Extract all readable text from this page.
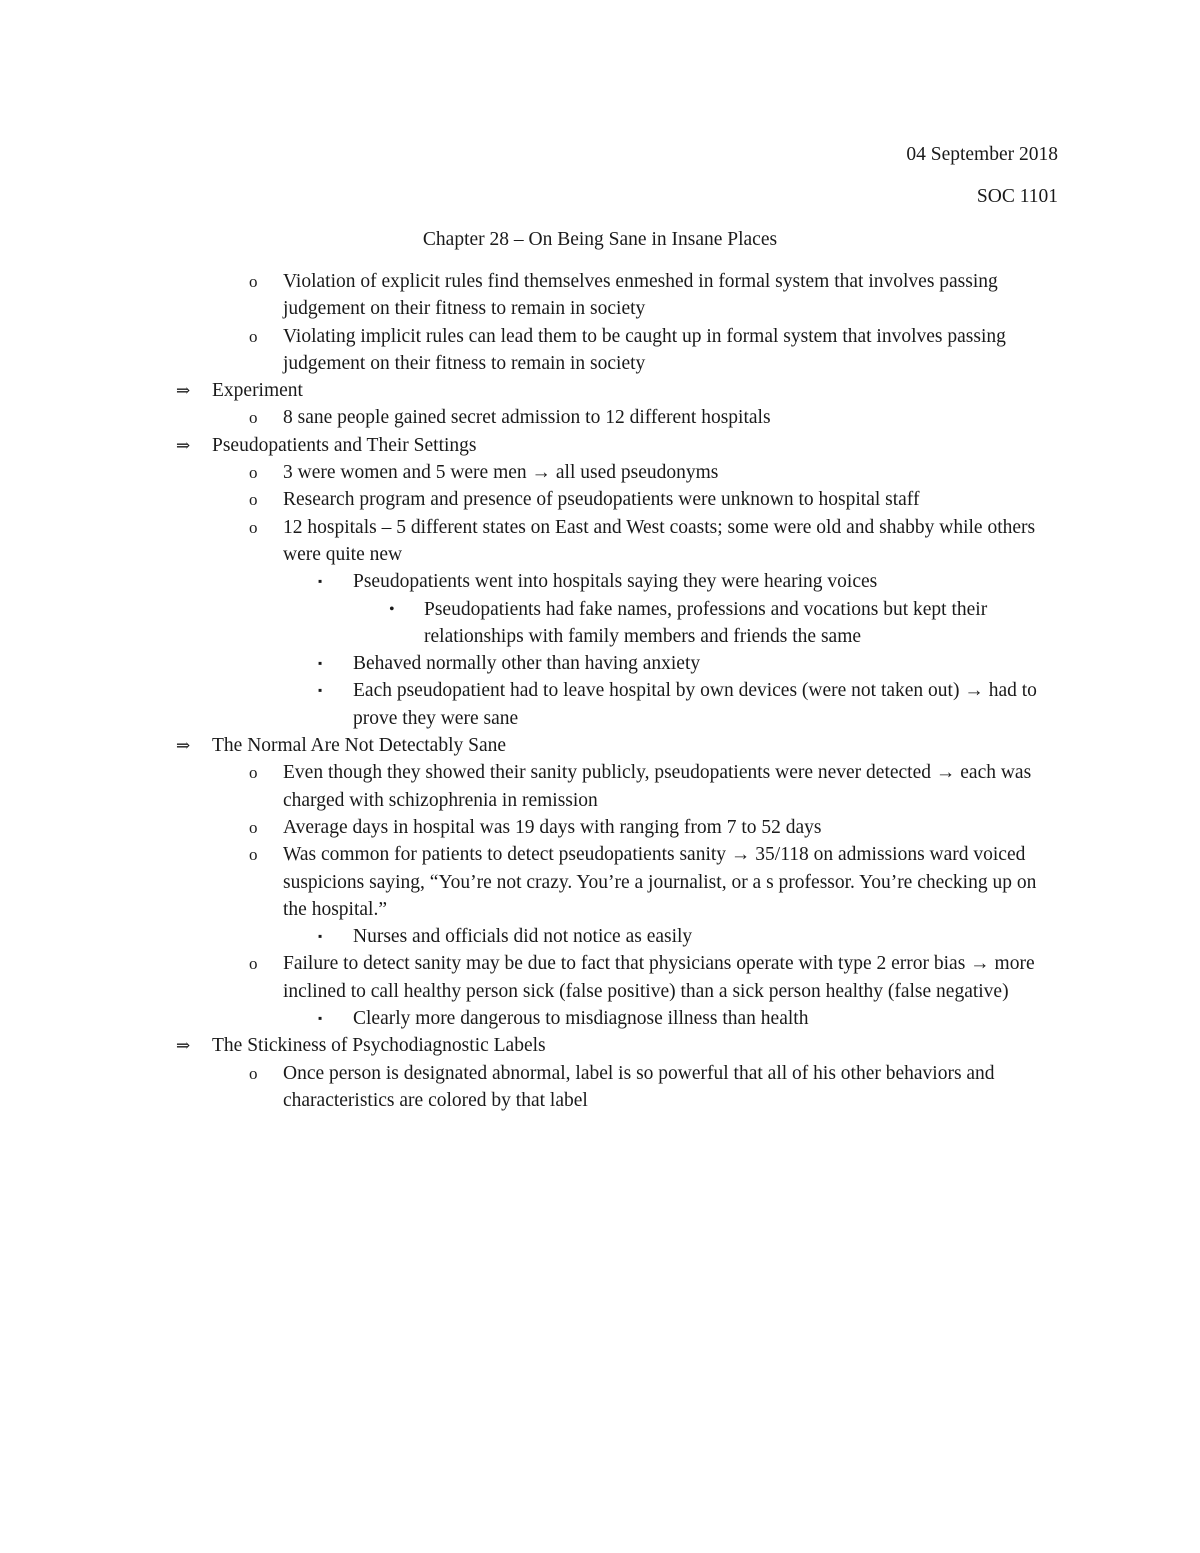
04 September 2018
SOC 1101
Chapter 28 – On Being Sane in Insane Places
o Violation of explicit rules find themselves enmeshed in formal system that involves passing judgement on their fitness to remain in society
o Violating implicit rules can lead them to be caught up in formal system that involves passing judgement on their fitness to remain in society
⇒ Experiment
o 8 sane people gained secret admission to 12 different hospitals
⇒ Pseudopatients and Their Settings
o 3 were women and 5 were men → all used pseudonyms
o Research program and presence of pseudopatients were unknown to hospital staff
o 12 hospitals – 5 different states on East and West coasts; some were old and shabby while others were quite new
▪ Pseudopatients went into hospitals saying they were hearing voices
• Pseudopatients had fake names, professions and vocations but kept their relationships with family members and friends the same
▪ Behaved normally other than having anxiety
▪ Each pseudopatient had to leave hospital by own devices (were not taken out) → had to prove they were sane
⇒ The Normal Are Not Detectably Sane
o Even though they showed their sanity publicly, pseudopatients were never detected → each was charged with schizophrenia in remission
o Average days in hospital was 19 days with ranging from 7 to 52 days
o Was common for patients to detect pseudopatients sanity → 35/118 on admissions ward voiced suspicions saying, “You’re not crazy. You’re a journalist, or a s professor. You’re checking up on the hospital.”
▪ Nurses and officials did not notice as easily
o Failure to detect sanity may be due to fact that physicians operate with type 2 error bias → more inclined to call healthy person sick (false positive) than a sick person healthy (false negative)
▪ Clearly more dangerous to misdiagnose illness than health
⇒ The Stickiness of Psychodiagnostic Labels
o Once person is designated abnormal, label is so powerful that all of his other behaviors and characteristics are colored by that label
